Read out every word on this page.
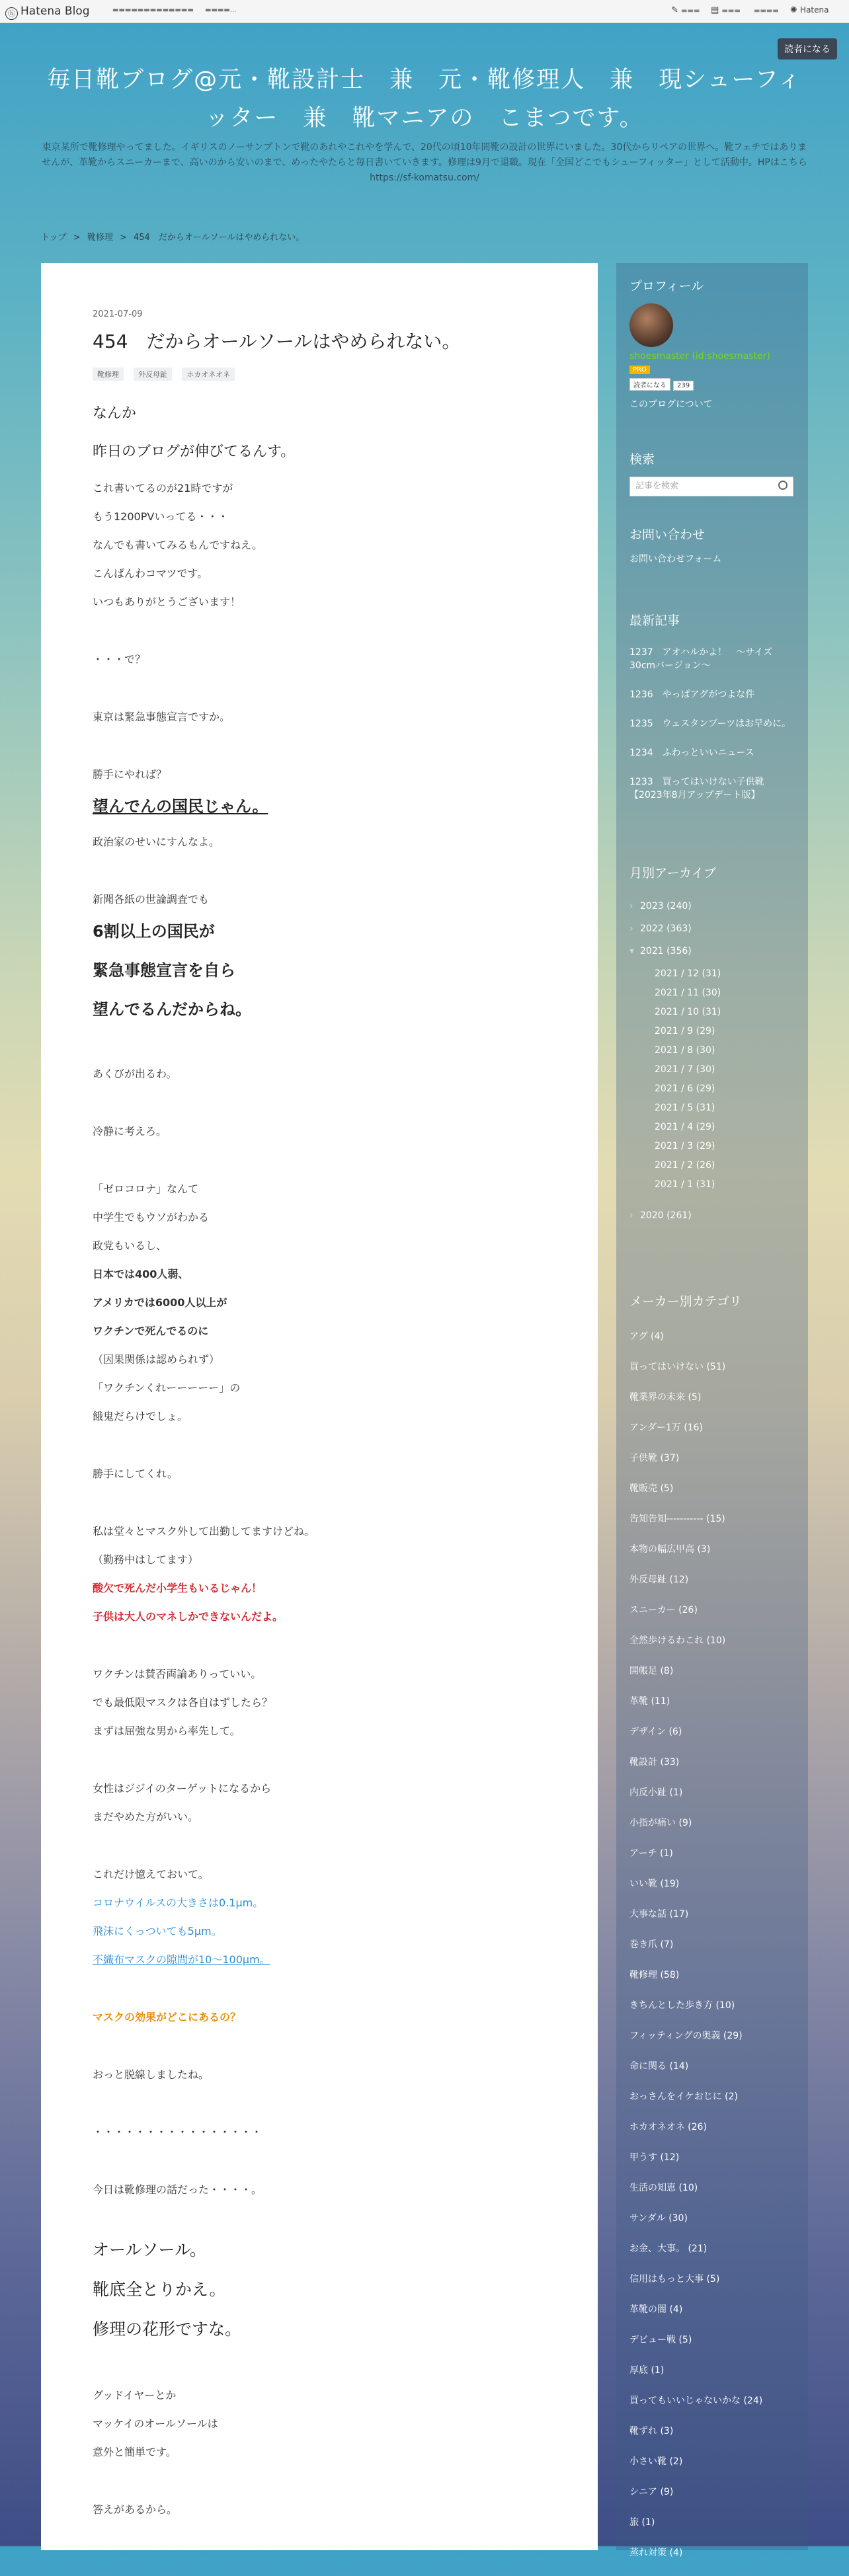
ⓑ Hatena Blog	▬▬▬▬▬▬▬▬▬▬
▬▬▬▬ ▬▬▬▬...	✎ ▬▬▬ ▤ ▬▬▬ ▬▬▬▬ ✺ Hatena
読者になる
毎日靴ブログ@元・靴設計士　兼　元・靴修理人　兼　現シューフィッター　兼　靴マニアの　こまつです。
東京某所で靴修理やってました。イギリスのノーサンプトンで靴のあれやこれやを学んで、20代の頃10年間靴の設計の世界にいました。30代からリペアの世界へ。靴フェチではありませんが、革靴からスニーカーまで、高いのから安いのまで、めったやたらと毎日書いていきます。修理は9月で退職。現在「全国どこでもシューフィッター」として活動中。HPはこちらhttps://sf-komatsu.com/
トップ > 靴修理 > 454　だからオールソールはやめられない。
2021-07-09
454　だからオールソールはやめられない。
靴修理	外反母趾	ホカオネオネ
なんか
昨日のブログが伸びてるんす。
これ書いてるのが21時ですが
もう1200PVいってる・・・
なんでも書いてみるもんですねえ。
こんばんわコマツです。
いつもありがとうございます！
・・・で？
東京は緊急事態宣言ですか。
勝手にやれば？
望んでんの国民じゃん。
政治家のせいにすんなよ。
新聞各紙の世論調査でも
6割以上の国民が
緊急事態宣言を自ら
望んでるんだからね。
あくびが出るわ。
冷静に考えろ。
「ゼロコロナ」なんて
中学生でもウソがわかる
政党もいるし、
日本では400人弱、
アメリカでは6000人以上が
ワクチンで死んでるのに
（因果関係は認められず）
「ワクチンくれーーーーー」の
餓鬼だらけでしょ。
勝手にしてくれ。
私は堂々とマスク外して出勤してますけどね。
（勤務中はしてます）
酸欠で死んだ小学生もいるじゃん！
子供は大人のマネしかできないんだよ。
ワクチンは賛否両論ありっていい。
でも最低限マスクは各自はずしたら？
まずは屈強な男から率先して。
女性はジジイのターゲットになるから
まだやめた方がいい。
これだけ憶えておいて。
コロナウイルスの大きさは0.1μm。
飛沫にくっついても5μm。
不織布マスクの隙間が10〜100μm。
マスクの効果がどこにあるの？
おっと脱線しましたね。
・・・・・・・・・・・・・・・・
今日は靴修理の話だった・・・・。
オールソール。
靴底全とりかえ。
修理の花形ですな。
グッドイヤーとか
マッケイのオールソールは
意外と簡単です。
答えがあるから。
プロフィール
shoesmaster (id:shoesmaster)
PRO
読者になる 239
このブログについて
検索
記事を検索
お問い合わせ
お問い合わせフォーム
最新記事
1237　アオハルかよ！　〜サイズ30cmバージョン〜
1236　やっぱアグがつよな件
1235　ウェスタンブーツはお早めに。
1234　ふわっといいニュース
1233　買ってはいけない子供靴【2023年8月アップデート版】
月別アーカイブ
› 2023 (240)
› 2022 (363)
▾ 2021 (356)
2021 / 12 (31)
2021 / 11 (30)
2021 / 10 (31)
2021 / 9 (29)
2021 / 8 (30)
2021 / 7 (30)
2021 / 6 (29)
2021 / 5 (31)
2021 / 4 (29)
2021 / 3 (29)
2021 / 2 (26)
2021 / 1 (31)
› 2020 (261)
メーカー別カテゴリ
アグ (4)
買ってはいけない (51)
靴業界の未来 (5)
アンダー1万 (16)
子供靴 (37)
靴販売 (5)
告知告知----------- (15)
本物の幅広甲高 (3)
外反母趾 (12)
スニーカー (26)
全然歩けるわこれ (10)
開帳足 (8)
革靴 (11)
デザイン (6)
靴設計 (33)
内反小趾 (1)
小指が痛い (9)
アーチ (1)
いい靴 (19)
大事な話 (17)
巻き爪 (7)
靴修理 (58)
きちんとした歩き方 (10)
フィッティングの奥義 (29)
命に関る (14)
おっさんをイケおじに (2)
ホカオネオネ (26)
甲うす (12)
生活の知恵 (10)
サンダル (30)
お金、大事。 (21)
信用はもっと大事 (5)
革靴の闇 (4)
デビュー戦 (5)
厚底 (1)
買ってもいいじゃないかな (24)
靴ずれ (3)
小さい靴 (2)
シニア (9)
旅 (1)
蒸れ対策 (4)
